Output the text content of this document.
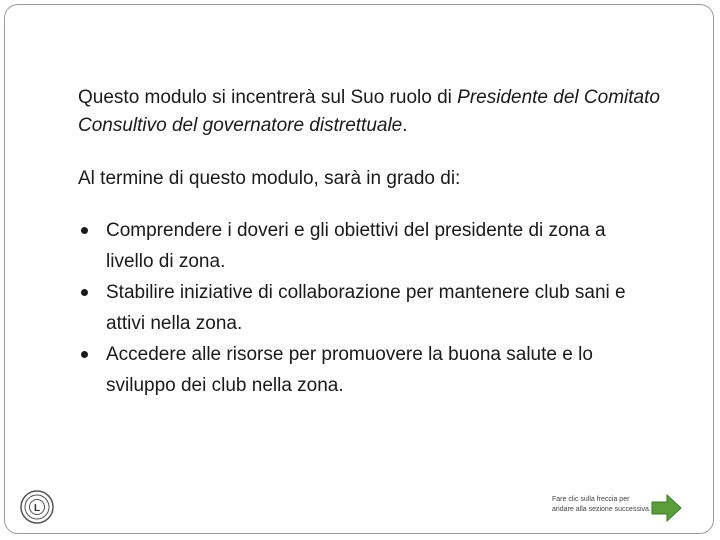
Questo modulo si incentrerà sul Suo ruolo di Presidente del Comitato Consultivo del governatore distrettuale.

Al termine di questo modulo, sarà in grado di:

Comprendere i doveri e gli obiettivi del presidente di zona a livello di zona.
Stabilire iniziative di collaborazione per mantenere club sani e attivi nella zona.
Accedere alle risorse per promuovere la buona salute e lo sviluppo dei club nella zona.
L
Fare clic sulla freccia per andare alla sezione successiva.
